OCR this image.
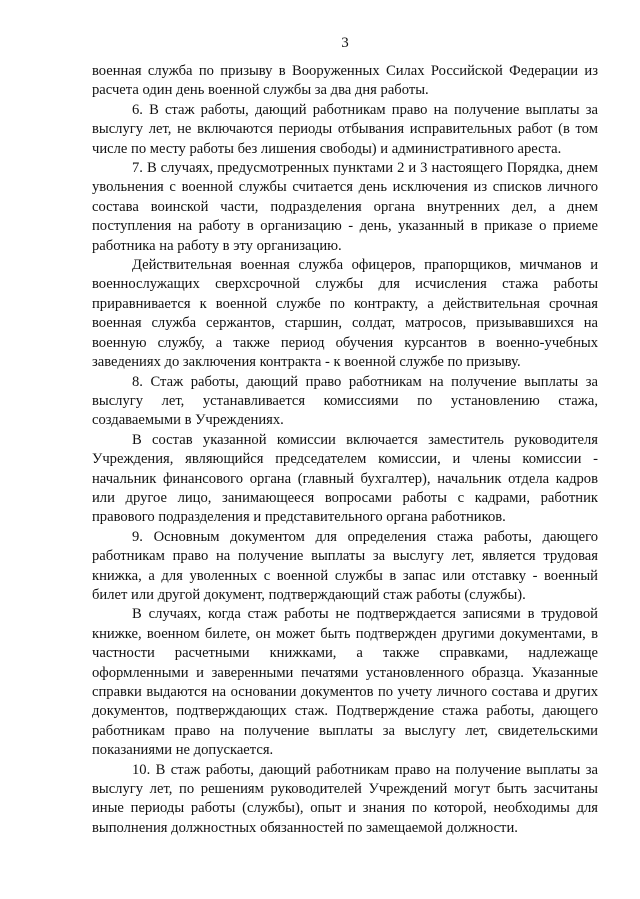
3

военная служба по призыву в Вооруженных Силах Российской Федерации из расчета один день военной службы за два дня работы.

6. В стаж работы, дающий работникам право на получение выплаты за выслугу лет, не включаются периоды отбывания исправительных работ (в том числе по месту работы без лишения свободы) и административного ареста.

7. В случаях, предусмотренных пунктами 2 и 3 настоящего Порядка, днем увольнения с военной службы считается день исключения из списков личного состава воинской части, подразделения органа внутренних дел, а днем поступления на работу в организацию - день, указанный в приказе о приеме работника на работу в эту организацию.

Действительная военная служба офицеров, прапорщиков, мичманов и военнослужащих сверхсрочной службы для исчисления стажа работы приравнивается к военной службе по контракту, а действительная срочная военная служба сержантов, старшин, солдат, матросов, призывавшихся на военную службу, а также период обучения курсантов в военно-учебных заведениях до заключения контракта - к военной службе по призыву.

8. Стаж работы, дающий право работникам на получение выплаты за выслугу лет, устанавливается комиссиями по установлению стажа, создаваемыми в Учреждениях.

В состав указанной комиссии включается заместитель руководителя Учреждения, являющийся председателем комиссии, и члены комиссии - начальник финансового органа (главный бухгалтер), начальник отдела кадров или другое лицо, занимающееся вопросами работы с кадрами, работник правового подразделения и представительного органа работников.

9. Основным документом для определения стажа работы, дающего работникам право на получение выплаты за выслугу лет, является трудовая книжка, а для уволенных с военной службы в запас или отставку - военный билет или другой документ, подтверждающий стаж работы (службы).

В случаях, когда стаж работы не подтверждается записями в трудовой книжке, военном билете, он может быть подтвержден другими документами, в частности расчетными книжками, а также справками, надлежаще оформленными и заверенными печатями установленного образца. Указанные справки выдаются на основании документов по учету личного состава и других документов, подтверждающих стаж. Подтверждение стажа работы, дающего работникам право на получение выплаты за выслугу лет, свидетельскими показаниями не допускается.

10. В стаж работы, дающий работникам право на получение выплаты за выслугу лет, по решениям руководителей Учреждений могут быть засчитаны иные периоды работы (службы), опыт и знания по которой, необходимы для выполнения должностных обязанностей по замещаемой должности.
